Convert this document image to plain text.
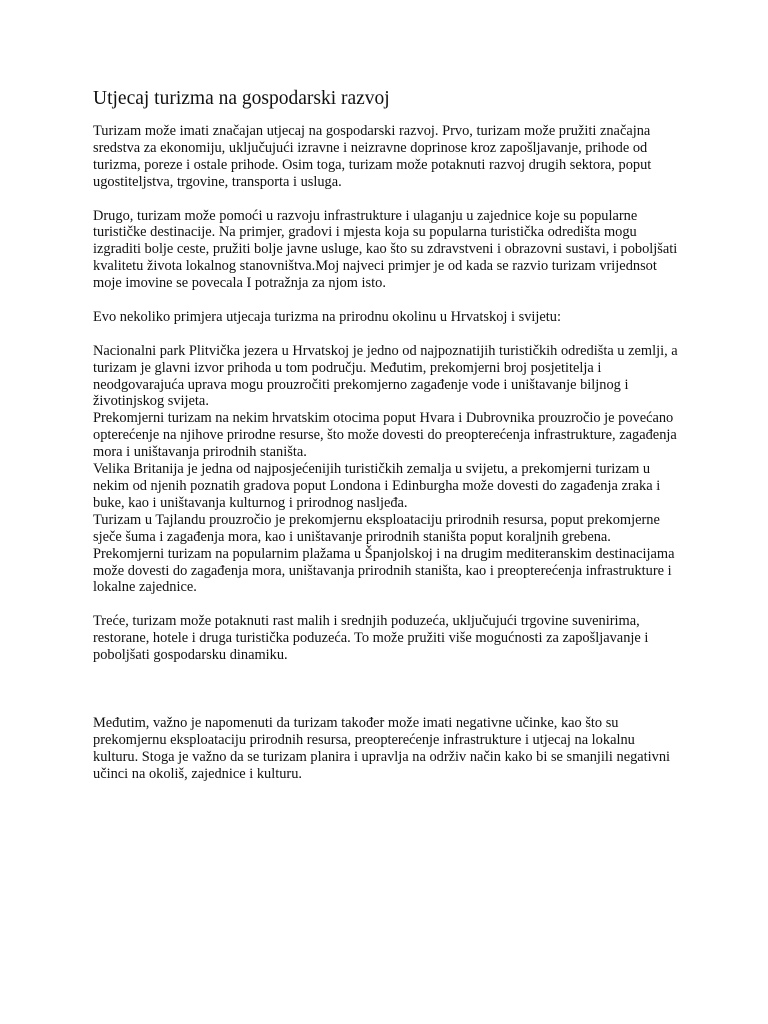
Utjecaj turizma na gospodarski razvoj

Turizam može imati značajan utjecaj na gospodarski razvoj. Prvo, turizam može pružiti značajna sredstva za ekonomiju, uključujući izravne i neizravne doprinose kroz zapošljavanje, prihode od turizma, poreze i ostale prihode. Osim toga, turizam može potaknuti razvoj drugih sektora, poput ugostiteljstva, trgovine, transporta i usluga.

Drugo, turizam može pomoći u razvoju infrastrukture i ulaganju u zajednice koje su popularne turističke destinacije. Na primjer, gradovi i mjesta koja su popularna turistička odredišta mogu izgraditi bolje ceste, pružiti bolje javne usluge, kao što su zdravstveni i obrazovni sustavi, i poboljšati kvalitetu života lokalnog stanovništva.Moj najveci primjer je od kada se razvio turizam vrijednsot moje imovine se povecala I potražnja za njom isto.

Evo nekoliko primjera utjecaja turizma na prirodnu okolinu u Hrvatskoj i svijetu:

Nacionalni park Plitvička jezera u Hrvatskoj je jedno od najpoznatijih turističkih odredišta u zemlji, a turizam je glavni izvor prihoda u tom području. Međutim, prekomjerni broj posjetitelja i neodgovarajuća uprava mogu prouzročiti prekomjerno zagađenje vode i uništavanje biljnog i životinjskog svijeta.

Prekomjerni turizam na nekim hrvatskim otocima poput Hvara i Dubrovnika prouzročio je povećano opterećenje na njihove prirodne resurse, što može dovesti do preopterećenja infrastrukture, zagađenja mora i uništavanja prirodnih staništa.

Velika Britanija je jedna od najposjećenijih turističkih zemalja u svijetu, a prekomjerni turizam u nekim od njenih poznatih gradova poput Londona i Edinburgha može dovesti do zagađenja zraka i buke, kao i uništavanja kulturnog i prirodnog nasljeđa.

Turizam u Tajlandu prouzročio je prekomjernu eksploataciju prirodnih resursa, poput prekomjerne sječe šuma i zagađenja mora, kao i uništavanje prirodnih staništa poput koraljnih grebena.

Prekomjerni turizam na popularnim plažama u Španjolskoj i na drugim mediteranskim destinacijama može dovesti do zagađenja mora, uništavanja prirodnih staništa, kao i preopterećenja infrastrukture i lokalne zajednice.

Treće, turizam može potaknuti rast malih i srednjih poduzeća, uključujući trgovine suvenirima, restorane, hotele i druga turistička poduzeća. To može pružiti više mogućnosti za zapošljavanje i poboljšati gospodarsku dinamiku.

Međutim, važno je napomenuti da turizam također može imati negativne učinke, kao što su prekomjernu eksploataciju prirodnih resursa, preopterećenje infrastrukture i utjecaj na lokalnu kulturu. Stoga je važno da se turizam planira i upravlja na održiv način kako bi se smanjili negativni učinci na okoliš, zajednice i kulturu.
